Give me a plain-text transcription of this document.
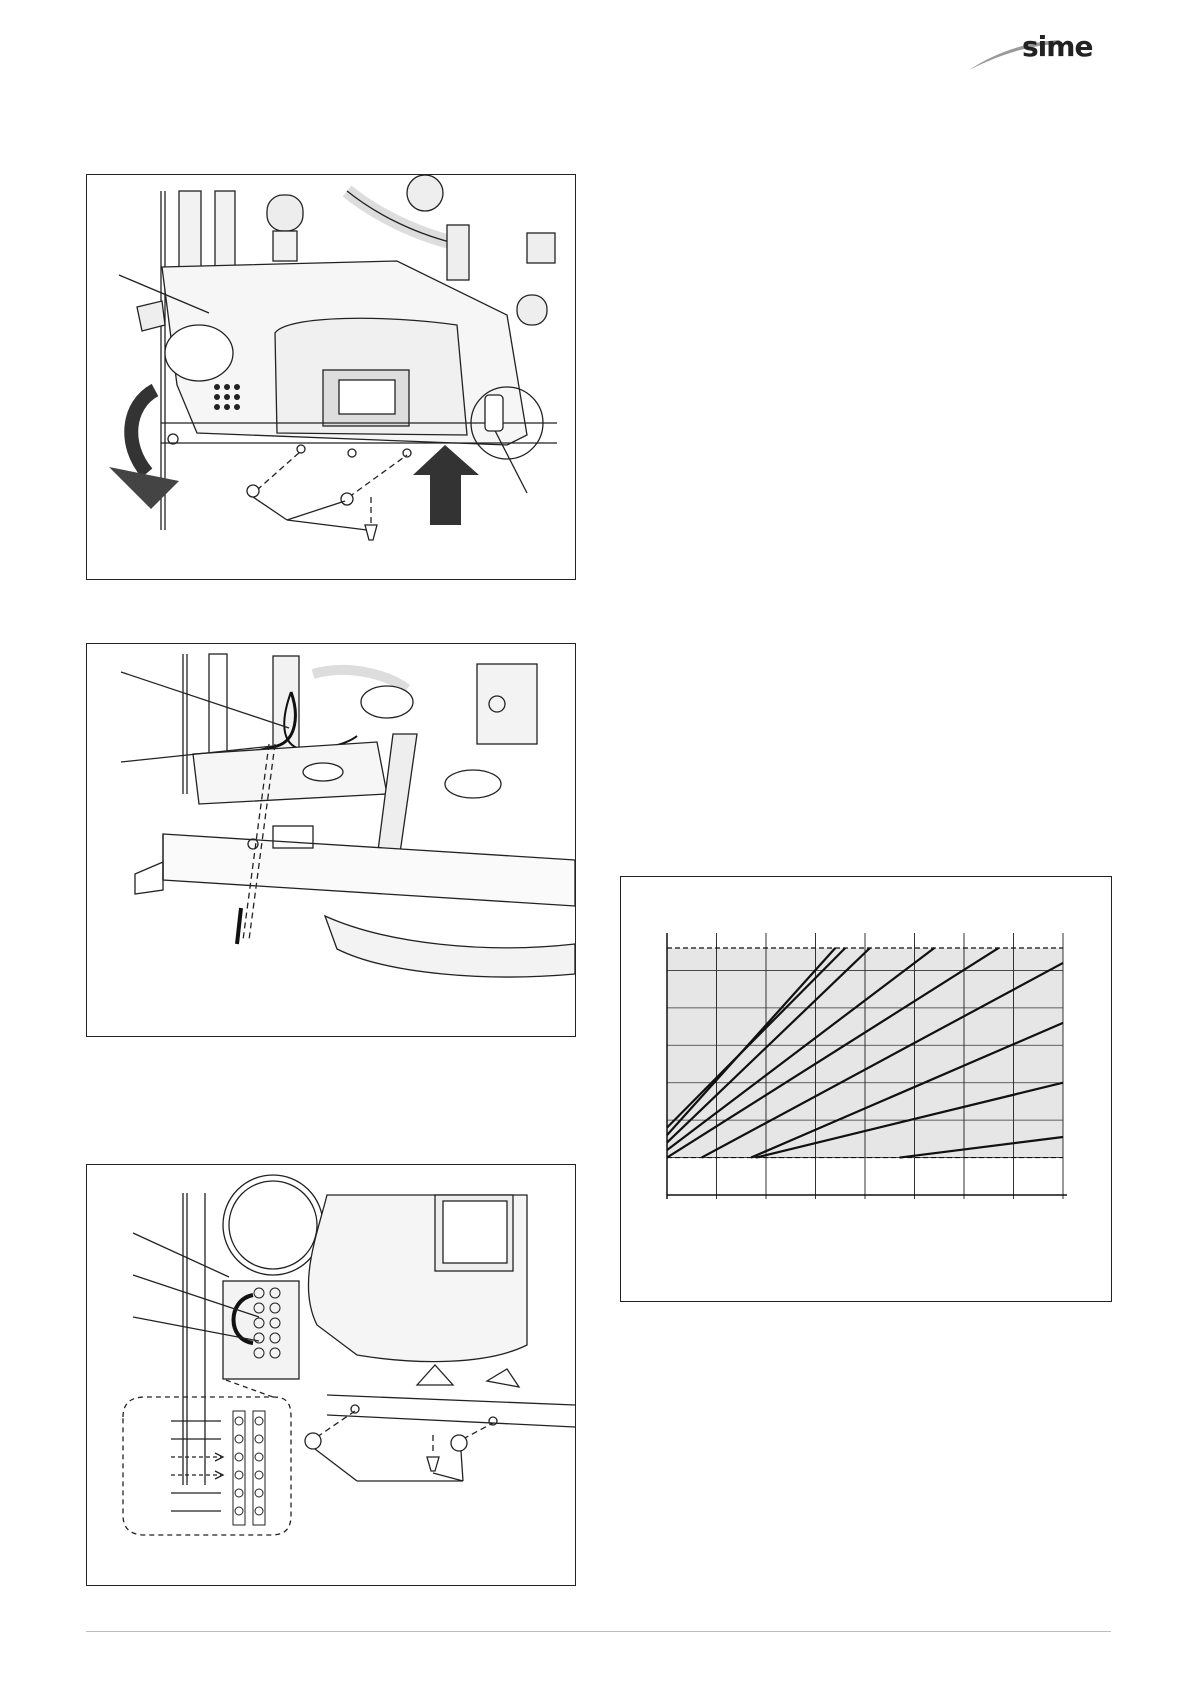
sime
